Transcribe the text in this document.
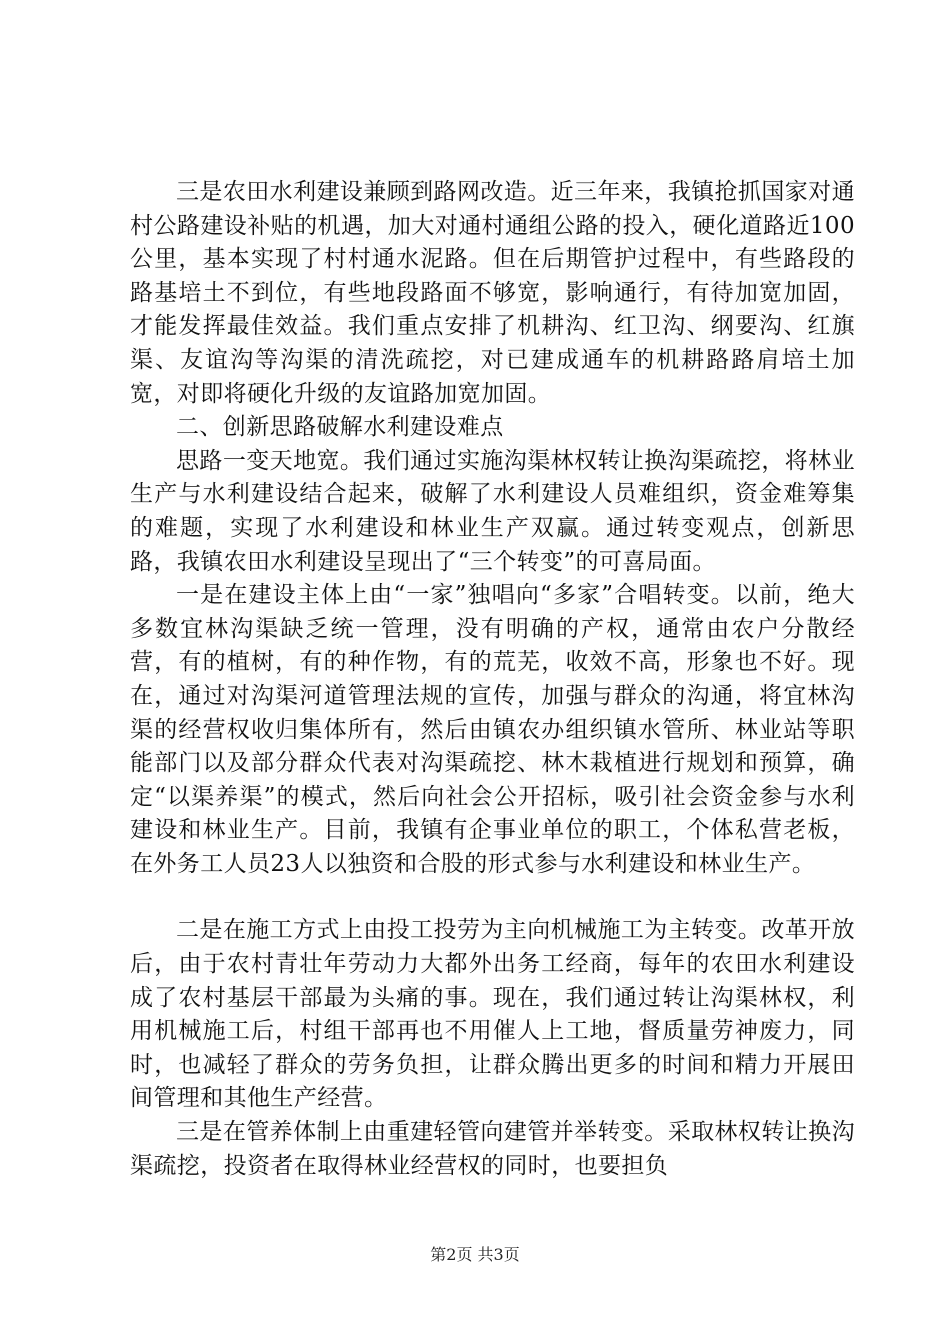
三是农田水利建设兼顾到路网改造。近三年来，我镇抢抓国家对通村公路建设补贴的机遇，加大对通村通组公路的投入，硬化道路近100公里，基本实现了村村通水泥路。但在后期管护过程中，有些路段的路基培土不到位，有些地段路面不够宽，影响通行，有待加宽加固，才能发挥最佳效益。我们重点安排了机耕沟、红卫沟、纲要沟、红旗渠、友谊沟等沟渠的清洗疏挖，对已建成通车的机耕路路肩培土加宽，对即将硬化升级的友谊路加宽加固。

二、创新思路破解水利建设难点

思路一变天地宽。我们通过实施沟渠林权转让换沟渠疏挖，将林业生产与水利建设结合起来，破解了水利建设人员难组织，资金难筹集的难题，实现了水利建设和林业生产双赢。通过转变观点，创新思路，我镇农田水利建设呈现出了“三个转变”的可喜局面。

一是在建设主体上由“一家”独唱向“多家”合唱转变。以前，绝大多数宜林沟渠缺乏统一管理，没有明确的产权，通常由农户分散经营，有的植树，有的种作物，有的荒芜，收效不高，形象也不好。现在，通过对沟渠河道管理法规的宣传，加强与群众的沟通，将宜林沟渠的经营权收归集体所有，然后由镇农办组织镇水管所、林业站等职能部门以及部分群众代表对沟渠疏挖、林木栽植进行规划和预算，确定“以渠养渠”的模式，然后向社会公开招标，吸引社会资金参与水利建设和林业生产。目前，我镇有企事业单位的职工，个体私营老板，在外务工人员23人以独资和合股的形式参与水利建设和林业生产。

二是在施工方式上由投工投劳为主向机械施工为主转变。改革开放后，由于农村青壮年劳动力大都外出务工经商，每年的农田水利建设成了农村基层干部最为头痛的事。现在，我们通过转让沟渠林权，利用机械施工后，村组干部再也不用催人上工地，督质量劳神废力，同时，也减轻了群众的劳务负担，让群众腾出更多的时间和精力开展田间管理和其他生产经营。

三是在管养体制上由重建轻管向建管并举转变。采取林权转让换沟渠疏挖，投资者在取得林业经营权的同时，也要担负

第2页 共3页
